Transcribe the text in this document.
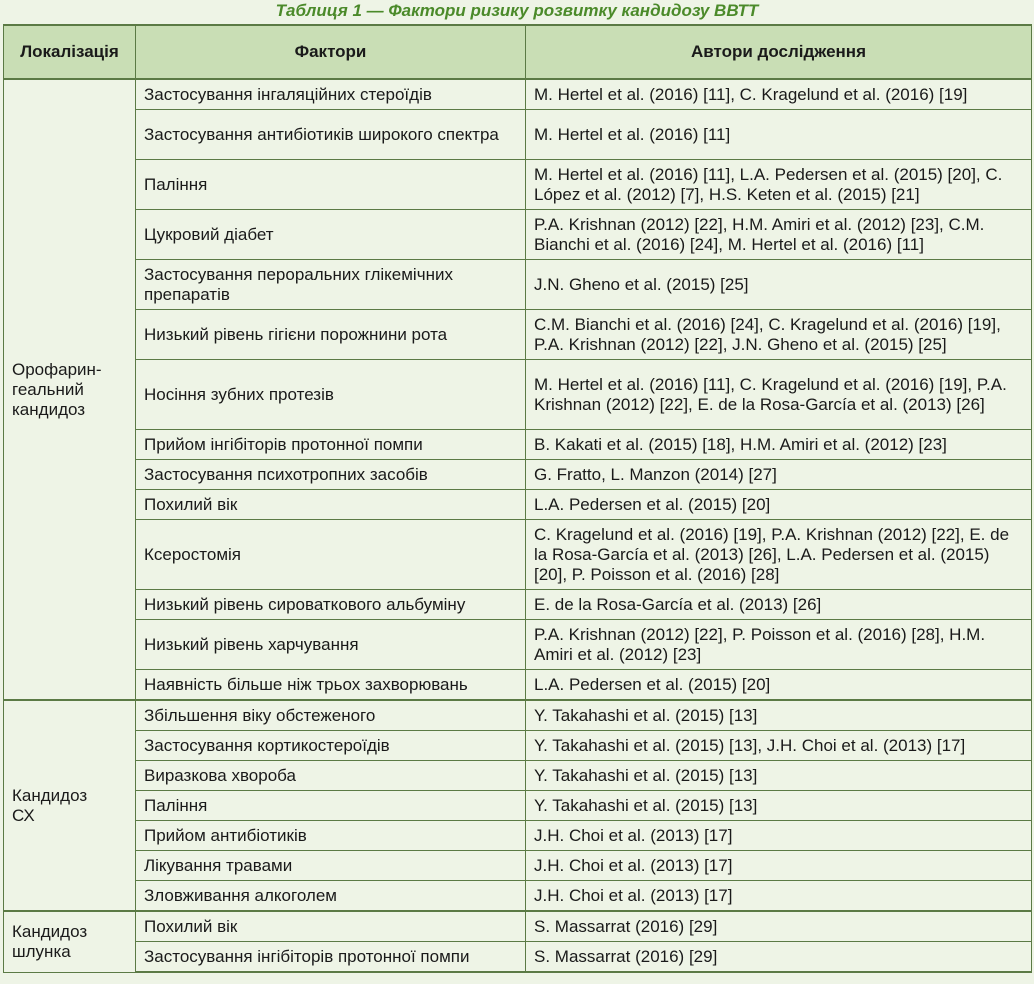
Таблиця 1 — Фактори ризику розвитку кандидозу ВВТТ
Локалізація	Фактори	Автори дослідження
Орофарин-
геальний
кандидоз	Застосування інгаляційних стероїдів	M. Hertel et al. (2016) [11], C. Kragelund et al. (2016) [19]
	Застосування антибіотиків широкого спектра	M. Hertel et al. (2016) [11]
	Паління	M. Hertel et al. (2016) [11], L.A. Pedersen et al. (2015) [20], C. López et al. (2012) [7], H.S. Keten et al. (2015) [21]
	Цукровий діабет	P.A. Krishnan (2012) [22], H.M. Amiri et al. (2012) [23], C.M. Bianchi et al. (2016) [24], M. Hertel et al. (2016) [11]
	Застосування пероральних глікемічних препаратів	J.N. Gheno et al. (2015) [25]
	Низький рівень гігієни порожнини рота	C.M. Bianchi et al. (2016) [24], C. Kragelund et al. (2016) [19], P.A. Krishnan (2012) [22], J.N. Gheno et al. (2015) [25]
	Носіння зубних протезів	M. Hertel et al. (2016) [11], C. Kragelund et al. (2016) [19], P.A. Krishnan (2012) [22], E. de la Rosa-García et al. (2013) [26]
	Прийом інгібіторів протонної помпи	B. Kakati et al. (2015) [18], H.M. Amiri et al. (2012) [23]
	Застосування психотропних засобів	G. Fratto, L. Manzon (2014) [27]
	Похилий вік	L.A. Pedersen et al. (2015) [20]
	Ксеростомія	C. Kragelund et al. (2016) [19], P.A. Krishnan (2012) [22], E. de la Rosa-García et al. (2013) [26], L.A. Pedersen et al. (2015) [20], P. Poisson et al. (2016) [28]
	Низький рівень сироваткового альбуміну	E. de la Rosa-García et al. (2013) [26]
	Низький рівень харчування	P.A. Krishnan (2012) [22], P. Poisson et al. (2016) [28], H.M. Amiri et al. (2012) [23]
	Наявність більше ніж трьох захворювань	L.A. Pedersen et al. (2015) [20]
Кандидоз
СХ	Збільшення віку обстеженого	Y. Takahashi et al. (2015) [13]
	Застосування кортикостероїдів	Y. Takahashi et al. (2015) [13], J.H. Choi et al. (2013) [17]
	Виразкова хвороба	Y. Takahashi et al. (2015) [13]
	Паління	Y. Takahashi et al. (2015) [13]
	Прийом антибіотиків	J.H. Choi et al. (2013) [17]
	Лікування травами	J.H. Choi et al. (2013) [17]
	Зловживання алкоголем	J.H. Choi et al. (2013) [17]
Кандидоз
шлунка	Похилий вік	S. Massarrat (2016) [29]
	Застосування інгібіторів протонної помпи	S. Massarrat (2016) [29]
